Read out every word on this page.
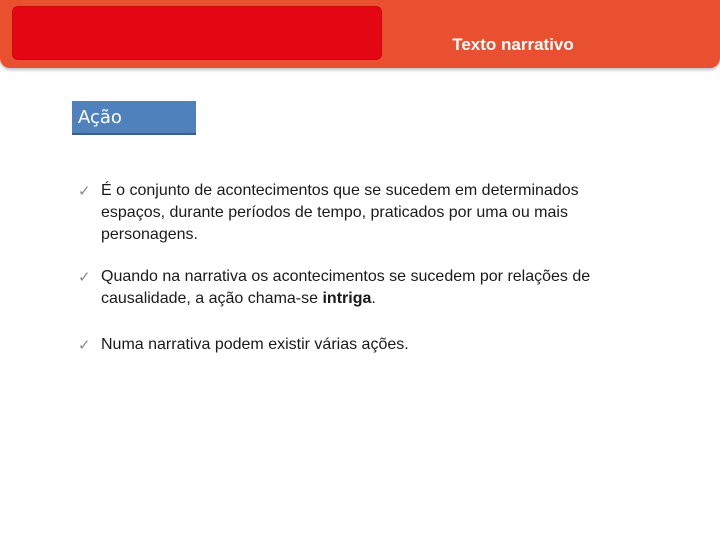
Texto narrativo
Ação
✓ É o conjunto de acontecimentos que se sucedem em determinados
espaços, durante períodos de tempo, praticados por uma ou mais
personagens.
✓ Quando na narrativa os acontecimentos se sucedem por relações de
causalidade, a ação chama-se intriga.
✓ Numa narrativa podem existir várias ações.
